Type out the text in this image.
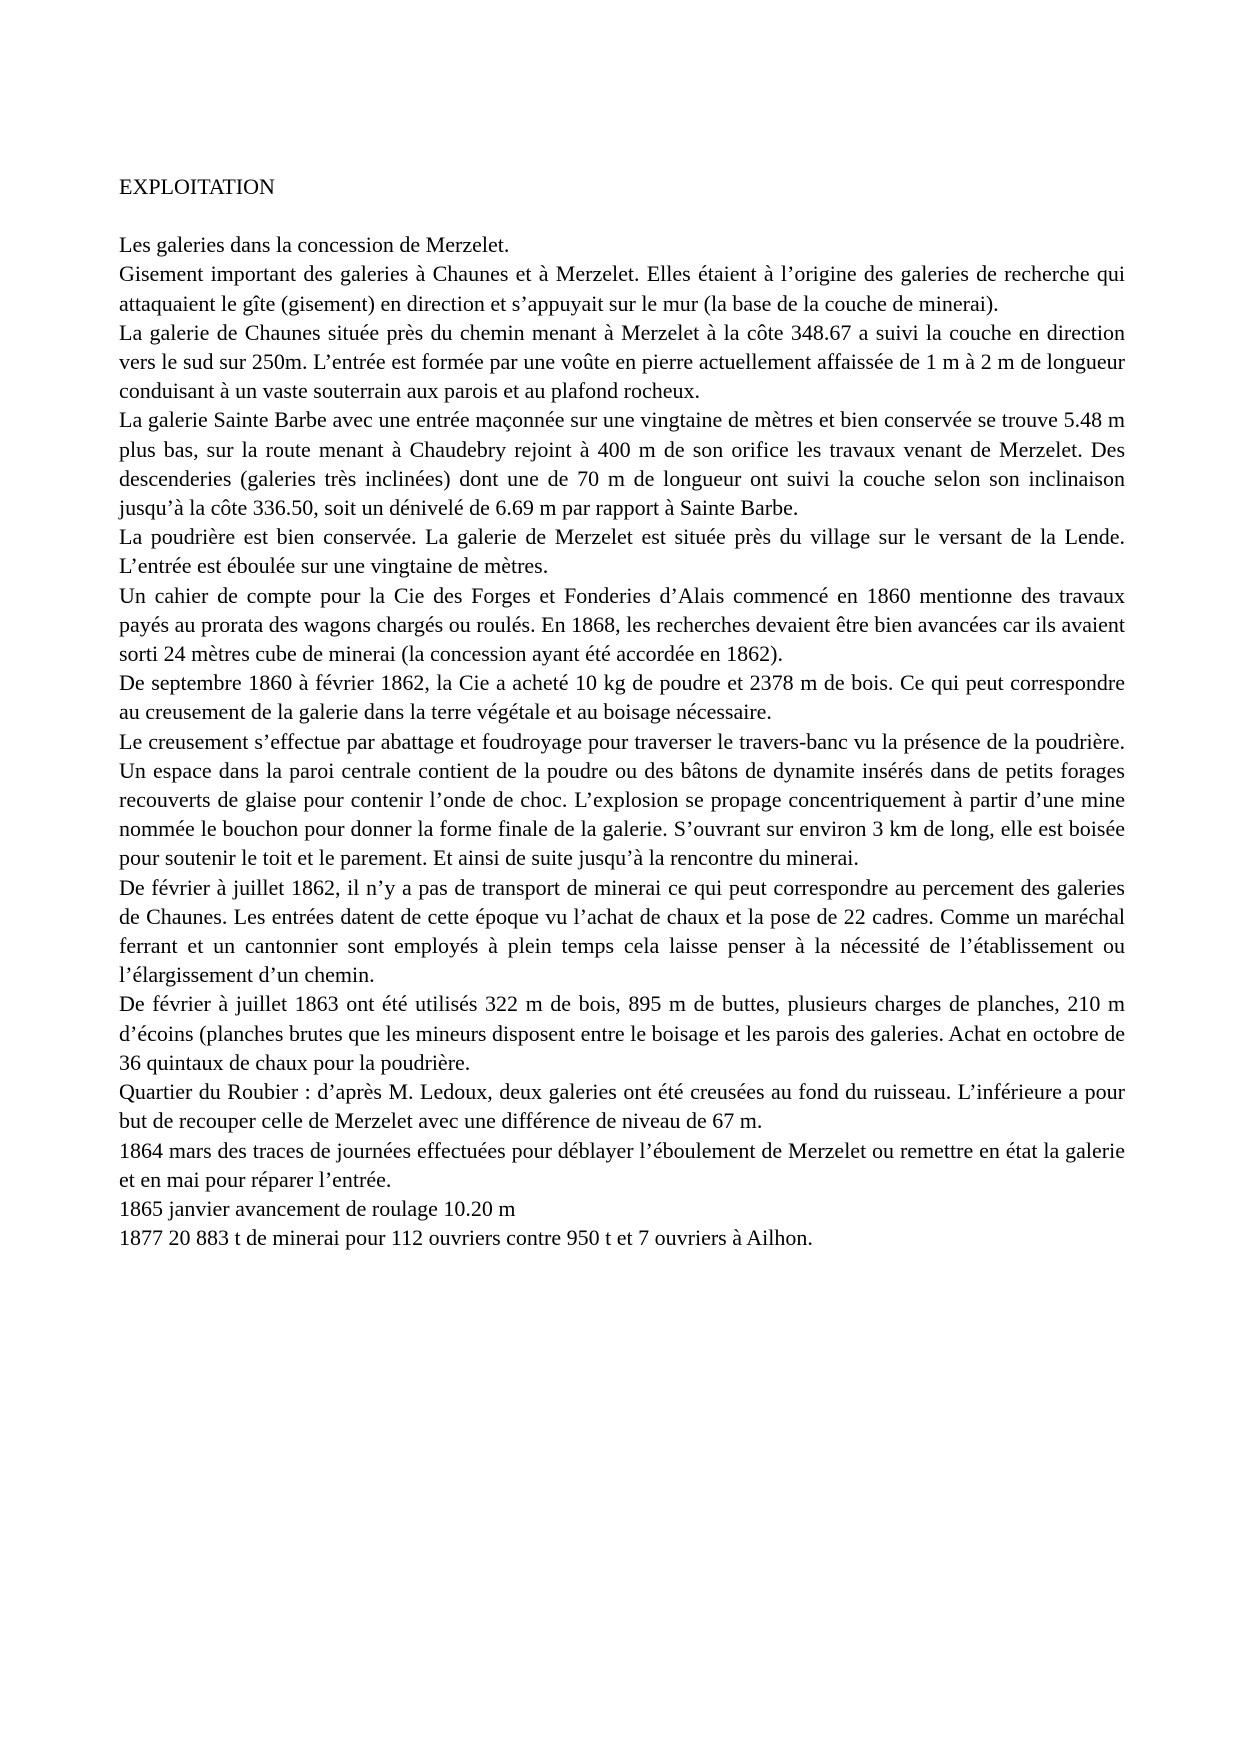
EXPLOITATION

Les galeries dans la concession de Merzelet.

Gisement important des galeries à Chaunes et à Merzelet. Elles étaient à l’origine des galeries de recherche qui attaquaient le gîte (gisement) en direction et s’appuyait sur le mur (la base de la couche de minerai).

La galerie de Chaunes située près du chemin menant à Merzelet à la côte 348.67 a suivi la couche en direction vers le sud sur 250m. L’entrée est formée par une voûte en pierre actuellement affaissée de 1 m à 2 m de longueur conduisant à un vaste souterrain aux parois et au plafond rocheux.

La galerie Sainte Barbe avec une entrée maçonnée sur une vingtaine de mètres et bien conservée se trouve 5.48 m plus bas, sur la route menant à Chaudebry rejoint à 400 m de son orifice les travaux venant de Merzelet. Des descenderies (galeries très inclinées) dont une de 70 m de longueur ont suivi la couche selon son inclinaison jusqu’à la côte 336.50, soit un dénivelé de 6.69 m par rapport à Sainte Barbe.

La poudrière est bien conservée. La galerie de Merzelet est située près du village sur le versant de la Lende. L’entrée est éboulée sur une vingtaine de mètres.

Un cahier de compte pour la Cie des Forges et Fonderies d’Alais commencé en 1860 mentionne des travaux payés au prorata des wagons chargés ou roulés. En 1868, les recherches devaient être bien avancées car ils avaient sorti 24 mètres cube de minerai (la concession ayant été accordée en 1862).

De septembre 1860 à février 1862, la Cie a acheté 10 kg de poudre et 2378 m de bois. Ce qui peut correspondre au creusement de la galerie dans la terre végétale et au boisage nécessaire.

Le creusement s’effectue par abattage et foudroyage pour traverser le travers-banc vu la présence de la poudrière. Un espace dans la paroi centrale contient de la poudre ou des bâtons de dynamite insérés dans de petits forages recouverts de glaise pour contenir l’onde de choc. L’explosion se propage concentriquement à partir d’une mine nommée le bouchon pour donner la forme finale de la galerie. S’ouvrant sur environ 3 km de long, elle est boisée pour soutenir le toit et le parement. Et ainsi de suite jusqu’à la rencontre du minerai.

De février à juillet 1862, il n’y a pas de transport de minerai ce qui peut correspondre au percement des galeries de Chaunes. Les entrées datent de cette époque vu l’achat de chaux et la pose de 22 cadres. Comme un maréchal ferrant et un cantonnier sont employés à plein temps cela laisse penser à la nécessité de l’établissement ou l’élargissement d’un chemin.

De février à juillet 1863 ont été utilisés 322 m de bois, 895 m de buttes, plusieurs charges de planches, 210 m d’écoins (planches brutes que les mineurs disposent entre le boisage et les parois des galeries. Achat en octobre de 36 quintaux de chaux pour la poudrière.

Quartier du Roubier : d’après M. Ledoux, deux galeries ont été creusées au fond du ruisseau. L’inférieure a pour but de recouper celle de Merzelet avec une différence de niveau de 67 m.

1864 mars des traces de journées effectuées pour déblayer l’éboulement de Merzelet ou remettre en état la galerie et en mai pour réparer l’entrée.

1865 janvier avancement de roulage 10.20 m

1877 20 883 t de minerai pour 112 ouvriers contre 950 t et 7 ouvriers à Ailhon.
